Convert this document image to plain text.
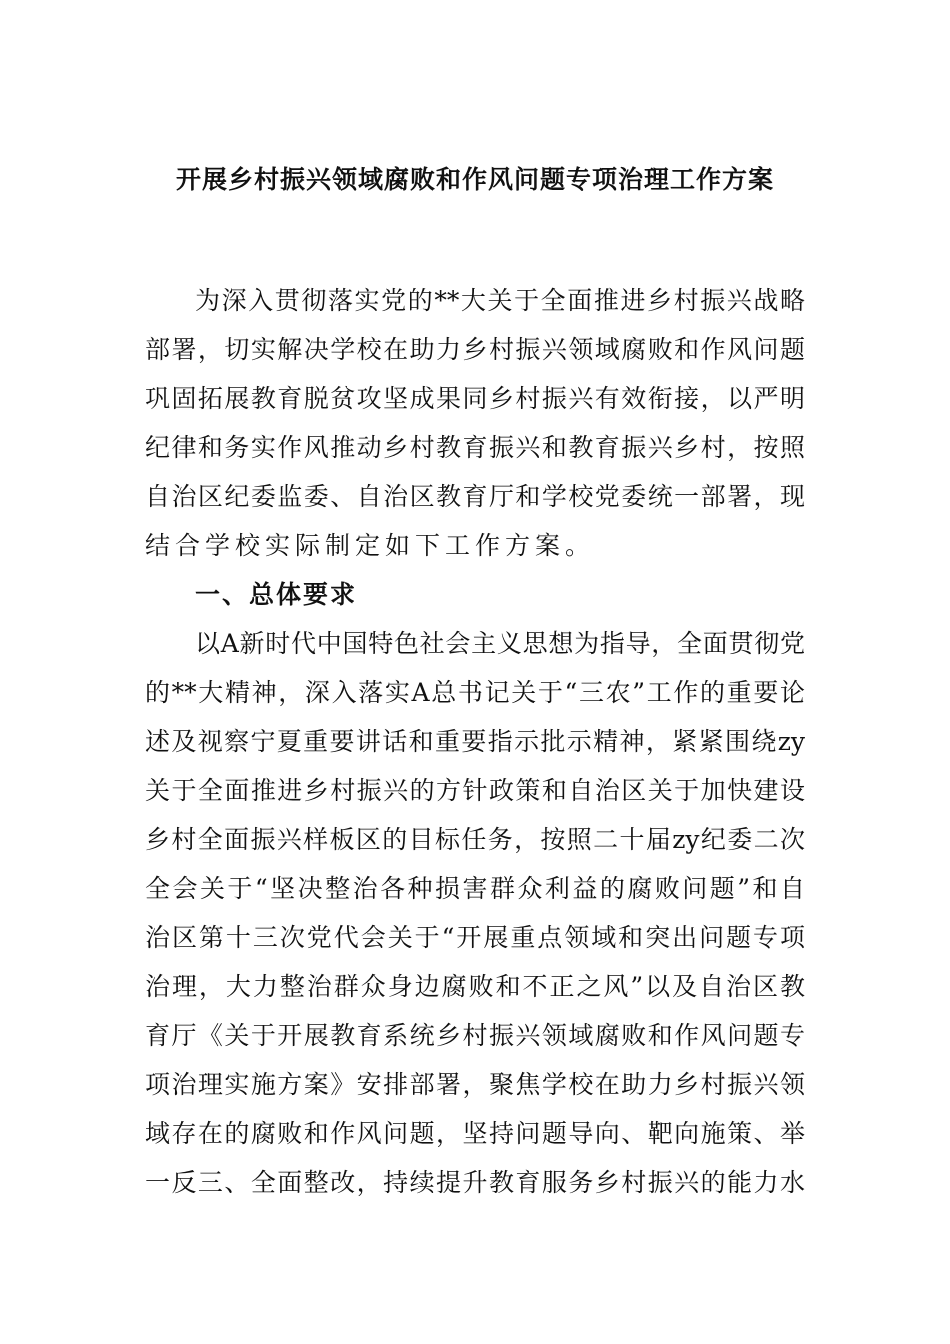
开展乡村振兴领域腐败和作风问题专项治理工作方案
为深入贯彻落实党的**大关于全面推进乡村振兴战略
部署，切实解决学校在助力乡村振兴领域腐败和作风问题
巩固拓展教育脱贫攻坚成果同乡村振兴有效衔接，以严明
纪律和务实作风推动乡村教育振兴和教育振兴乡村，按照
自治区纪委监委、自治区教育厅和学校党委统一部署，现
结合学校实际制定如下工作方案。
一、总体要求
以A新时代中国特色社会主义思想为指导，全面贯彻党
的**大精神，深入落实A总书记关于“三农”工作的重要论
述及视察宁夏重要讲话和重要指示批示精神，紧紧围绕zy
关于全面推进乡村振兴的方针政策和自治区关于加快建设
乡村全面振兴样板区的目标任务，按照二十届zy纪委二次
全会关于“坚决整治各种损害群众利益的腐败问题”和自
治区第十三次党代会关于“开展重点领域和突出问题专项
治理，大力整治群众身边腐败和不正之风”以及自治区教
育厅《关于开展教育系统乡村振兴领域腐败和作风问题专
项治理实施方案》安排部署，聚焦学校在助力乡村振兴领
域存在的腐败和作风问题，坚持问题导向、靶向施策、举
一反三、全面整改，持续提升教育服务乡村振兴的能力水
